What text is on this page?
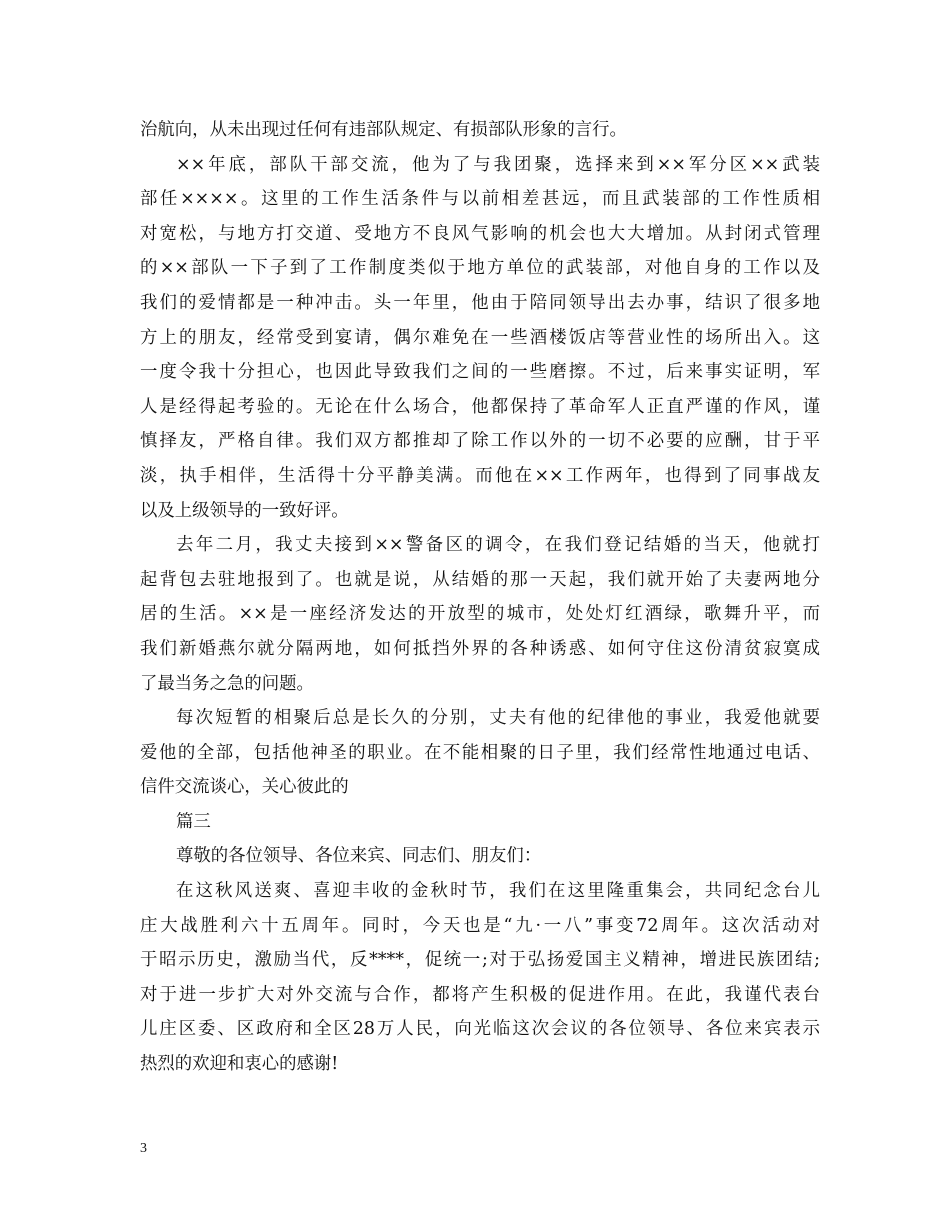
治航向，从未出现过任何有违部队规定、有损部队形象的言行。
××年底，部队干部交流，他为了与我团聚，选择来到××军分区××武装
部任××××。这里的工作生活条件与以前相差甚远，而且武装部的工作性质相
对宽松，与地方打交道、受地方不良风气影响的机会也大大增加。从封闭式管理
的××部队一下子到了工作制度类似于地方单位的武装部，对他自身的工作以及
我们的爱情都是一种冲击。头一年里，他由于陪同领导出去办事，结识了很多地
方上的朋友，经常受到宴请，偶尔难免在一些酒楼饭店等营业性的场所出入。这
一度令我十分担心，也因此导致我们之间的一些磨擦。不过，后来事实证明，军
人是经得起考验的。无论在什么场合，他都保持了革命军人正直严谨的作风，谨
慎择友，严格自律。我们双方都推却了除工作以外的一切不必要的应酬，甘于平
淡，执手相伴，生活得十分平静美满。而他在××工作两年，也得到了同事战友
以及上级领导的一致好评。
去年二月，我丈夫接到××警备区的调令，在我们登记结婚的当天，他就打
起背包去驻地报到了。也就是说，从结婚的那一天起，我们就开始了夫妻两地分
居的生活。××是一座经济发达的开放型的城市，处处灯红酒绿，歌舞升平，而
我们新婚燕尔就分隔两地，如何抵挡外界的各种诱惑、如何守住这份清贫寂寞成
了最当务之急的问题。
每次短暂的相聚后总是长久的分别，丈夫有他的纪律他的事业，我爱他就要
爱他的全部，包括他神圣的职业。在不能相聚的日子里，我们经常性地通过电话、
信件交流谈心，关心彼此的
篇三
尊敬的各位领导、各位来宾、同志们、朋友们：
在这秋风送爽、喜迎丰收的金秋时节，我们在这里隆重集会，共同纪念台儿
庄大战胜利六十五周年。同时，今天也是“九·一八”事变72周年。这次活动对
于昭示历史，激励当代，反****，促统一;对于弘扬爱国主义精神，增进民族团结;
对于进一步扩大对外交流与合作，都将产生积极的促进作用。在此，我谨代表台
儿庄区委、区政府和全区28万人民，向光临这次会议的各位领导、各位来宾表示
热烈的欢迎和衷心的感谢!
3
